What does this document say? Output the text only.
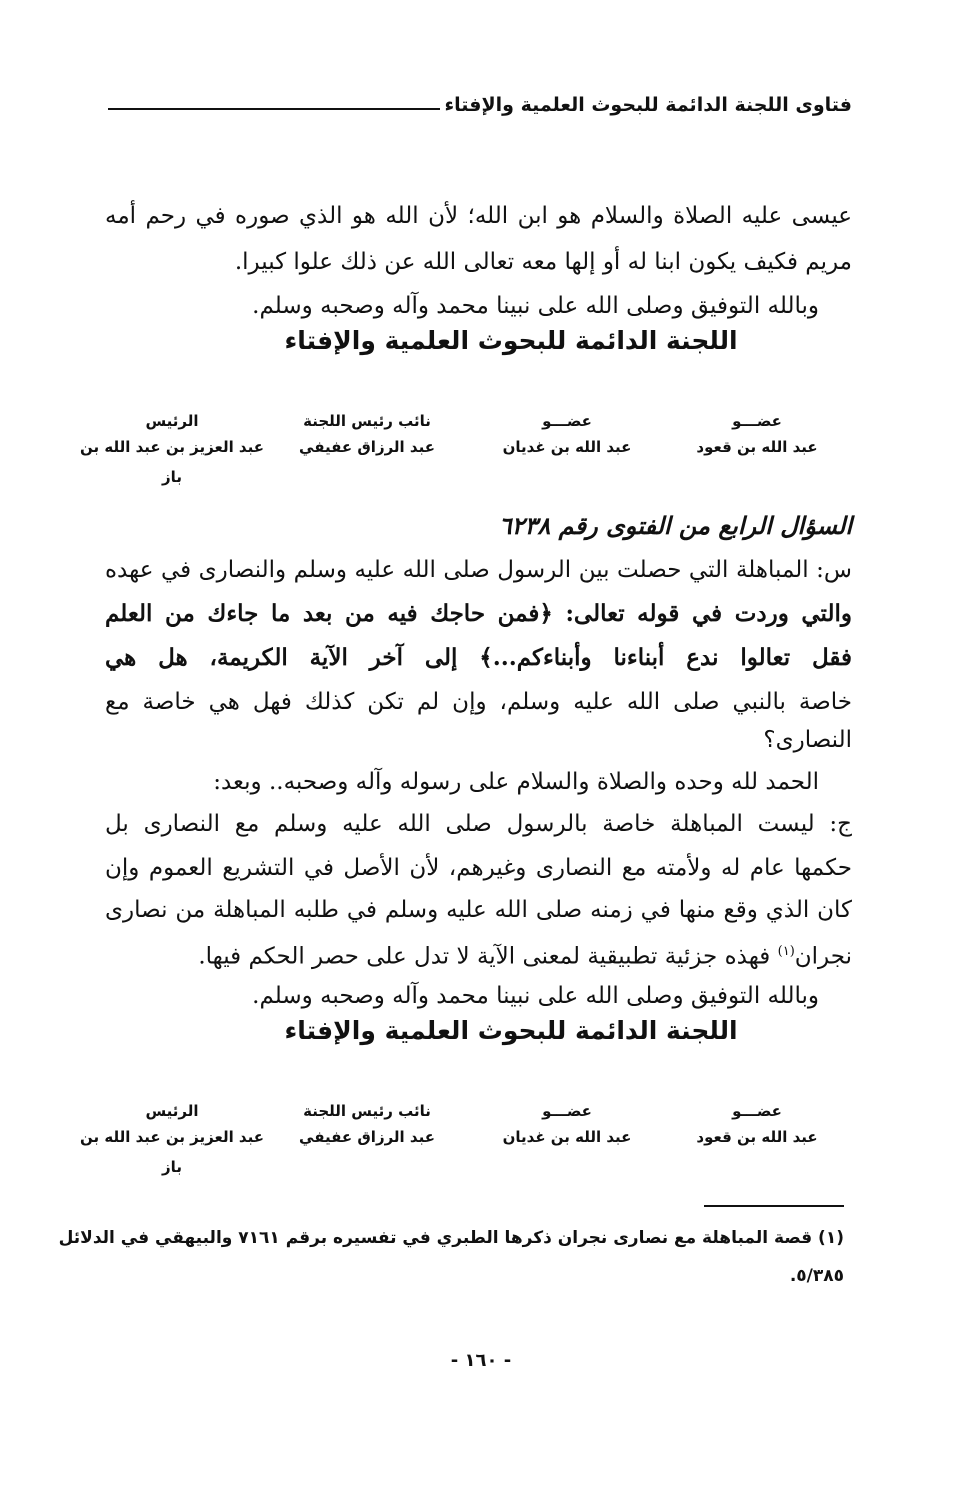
فتاوى اللجنة الدائمة للبحوث العلمية والإفتاء
عيسى عليه الصلاة والسلام هو ابن الله؛ لأن الله هو الذي صوره في رحم أمه
مريم فكيف يكون ابنا له أو إلها معه تعالى الله عن ذلك علوا كبيرا.
وبالله التوفيق وصلى الله على نبينا محمد وآله وصحبه وسلم.
اللجنة الدائمة للبحوث العلمية والإفتاء
عضـــو
عبد الله بن قعود
عضـــو
عبد الله بن غديان
نائب رئيس اللجنة
عبد الرزاق عفيفي
الرئيس
عبد العزيز بن عبد الله بن باز
السؤال الرابع من الفتوى رقم ٦٢٣٨
س: المباهلة التي حصلت بين الرسول صلى الله عليه وسلم والنصارى في عهده
والتي وردت في قوله تعالى: ﴿فمن حاجك فيه من بعد ما جاءك من العلم
فقل تعالوا ندع أبناءنا وأبناءكم...﴾ إلى آخر الآية الكريمة، هل هي
خاصة بالنبي صلى الله عليه وسلم، وإن لم تكن كذلك فهل هي خاصة مع
النصارى؟
الحمد لله وحده والصلاة والسلام على رسوله وآله وصحبه.. وبعد:
ج: ليست المباهلة خاصة بالرسول صلى الله عليه وسلم مع النصارى بل
حكمها عام له ولأمته مع النصارى وغيرهم، لأن الأصل في التشريع العموم وإن
كان الذي وقع منها في زمنه صلى الله عليه وسلم في طلبه المباهلة من نصارى
نجران$^{(١)}$ فهذه جزئية تطبيقية لمعنى الآية لا تدل على حصر الحكم فيها.
وبالله التوفيق وصلى الله على نبينا محمد وآله وصحبه وسلم.
اللجنة الدائمة للبحوث العلمية والإفتاء
عضـــو
عبد الله بن قعود
عضـــو
عبد الله بن غديان
نائب رئيس اللجنة
عبد الرزاق عفيفي
الرئيس
عبد العزيز بن عبد الله بن باز
(١) قصة المباهلة مع نصارى نجران ذكرها الطبري في تفسيره برقم ٧١٦١ والبيهقي في الدلائل
٥/٣٨٥.
- ١٦٠ -
